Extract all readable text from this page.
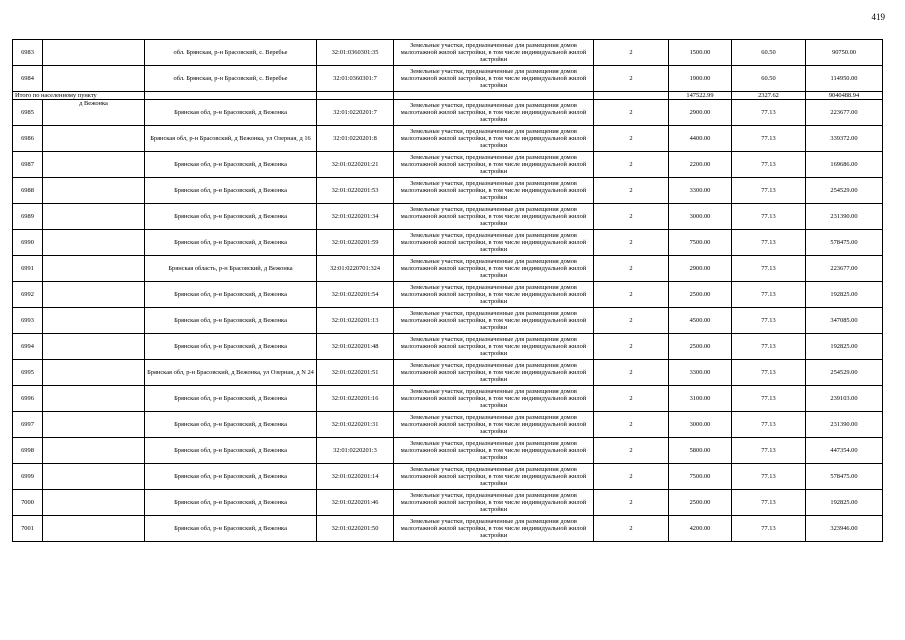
419
6983		обл. Брянская, р-н Брасовский, с. Веребье	32:01:0360301:35	Земельные участки, предназначенные для размещения домов малоэтажной жилой застройки, в том числе индивидуальной жилой застройки	2	1500.00	60.50	90750.00
6984		обл. Брянская, р-н Брасовский, с. Веребье	32:01:0360301:7	Земельные участки, предназначенные для размещения домов малоэтажной жилой застройки, в том числе индивидуальной жилой застройки	2	1900.00	60.50	114950.00
Итого по населенному пункту						147522.99	2327.62	9040488.94
6985	д Вежонка	Брянская обл, р-н Брасовский, д Вежонка	32:01:0220201:7	Земельные участки, предназначенные для размещения домов малоэтажной жилой застройки, в том числе индивидуальной жилой застройки	2	2900.00	77.13	223677.00
6986		Брянская обл, р-н Брасовский, д Вежонка, ул Озерная, д 16	32:01:0220201:8	Земельные участки, предназначенные для размещения домов малоэтажной жилой застройки, в том числе индивидуальной жилой застройки	2	4400.00	77.13	339372.00
6987		Брянская обл, р-н Брасовский, д Вежонка	32:01:0220201:21	Земельные участки, предназначенные для размещения домов малоэтажной жилой застройки, в том числе индивидуальной жилой застройки	2	2200.00	77.13	169686.00
6988		Брянская обл, р-н Брасовский, д Вежонка	32:01:0220201:53	Земельные участки, предназначенные для размещения домов малоэтажной жилой застройки, в том числе индивидуальной жилой застройки	2	3300.00	77.13	254529.00
6989		Брянская обл, р-н Брасовский, д Вежонка	32:01:0220201:34	Земельные участки, предназначенные для размещения домов малоэтажной жилой застройки, в том числе индивидуальной жилой застройки	2	3000.00	77.13	231390.00
6990		Брянская обл, р-н Брасовский, д Вежонка	32:01:0220201:59	Земельные участки, предназначенные для размещения домов малоэтажной жилой застройки, в том числе индивидуальной жилой застройки	2	7500.00	77.13	578475.00
6991		Брянская область, р-н Брасовский, д Вежонка	32:01:0220701:324	Земельные участки, предназначенные для размещения домов малоэтажной жилой застройки, в том числе индивидуальной жилой застройки	2	2900.00	77.13	223677.00
6992		Брянская обл, р-н Брасовский, д Вежонка	32:01:0220201:54	Земельные участки, предназначенные для размещения домов малоэтажной жилой застройки, в том числе индивидуальной жилой застройки	2	2500.00	77.13	192825.00
6993		Брянская обл, р-н Брасовский, д Вежонка	32:01:0220201:13	Земельные участки, предназначенные для размещения домов малоэтажной жилой застройки, в том числе индивидуальной жилой застройки	2	4500.00	77.13	347085.00
6994		Брянская обл, р-н Брасовский, д Вежонка	32:01:0220201:48	Земельные участки, предназначенные для размещения домов малоэтажной жилой застройки, в том числе индивидуальной жилой застройки	2	2500.00	77.13	192825.00
6995		Брянская обл, р-н Брасовский, д Вежонка, ул Озерная, д N 24	32:01:0220201:51	Земельные участки, предназначенные для размещения домов малоэтажной жилой застройки, в том числе индивидуальной жилой застройки	2	3300.00	77.13	254529.00
6996		Брянская обл, р-н Брасовский, д Вежонка	32:01:0220201:16	Земельные участки, предназначенные для размещения домов малоэтажной жилой застройки, в том числе индивидуальной жилой застройки	2	3100.00	77.13	239103.00
6997		Брянская обл, р-н Брасовский, д Вежонка	32:01:0220201:31	Земельные участки, предназначенные для размещения домов малоэтажной жилой застройки, в том числе индивидуальной жилой застройки	2	3000.00	77.13	231390.00
6998		Брянская обл, р-н Брасовский, д Вежонка	32:01:0220201:3	Земельные участки, предназначенные для размещения домов малоэтажной жилой застройки, в том числе индивидуальной жилой застройки	2	5800.00	77.13	447354.00
6999		Брянская обл, р-н Брасовский, д Вежонка	32:01:0220201:14	Земельные участки, предназначенные для размещения домов малоэтажной жилой застройки, в том числе индивидуальной жилой застройки	2	7500.00	77.13	578475.00
7000		Брянская обл, р-н Брасовский, д Вежонка	32:01:0220201:46	Земельные участки, предназначенные для размещения домов малоэтажной жилой застройки, в том числе индивидуальной жилой застройки	2	2500.00	77.13	192825.00
7001		Брянская обл, р-н Брасовский, д Вежонка	32:01:0220201:50	Земельные участки, предназначенные для размещения домов малоэтажной жилой застройки, в том числе индивидуальной жилой застройки	2	4200.00	77.13	323946.00
